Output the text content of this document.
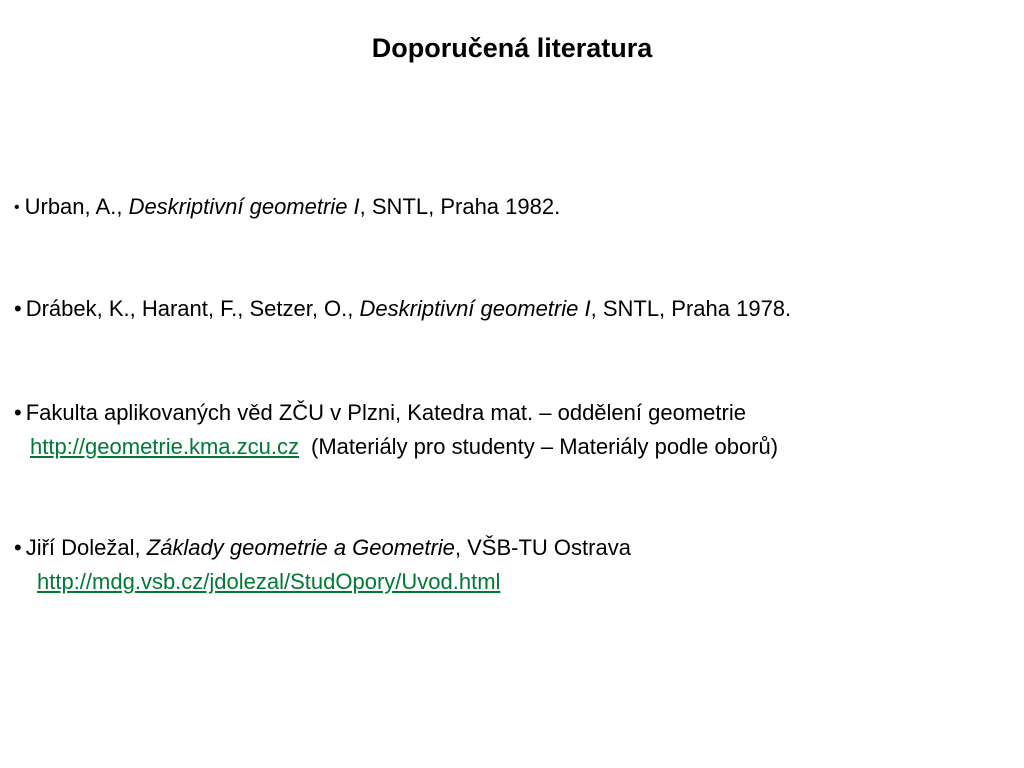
Doporučená literatura
• Urban, A., Deskriptivní geometrie I, SNTL, Praha 1982.
• Drábek, K., Harant, F., Setzer, O., Deskriptivní geometrie I, SNTL, Praha 1978.
• Fakulta aplikovaných věd ZČU v Plzni, Katedra mat. – oddělení geometrie
http://geometrie.kma.zcu.cz (Materiály pro studenty – Materiály podle oborů)
• Jiří Doležal, Základy geometrie a Geometrie, VŠB-TU Ostrava
http://mdg.vsb.cz/jdolezal/StudOpory/Uvod.html
